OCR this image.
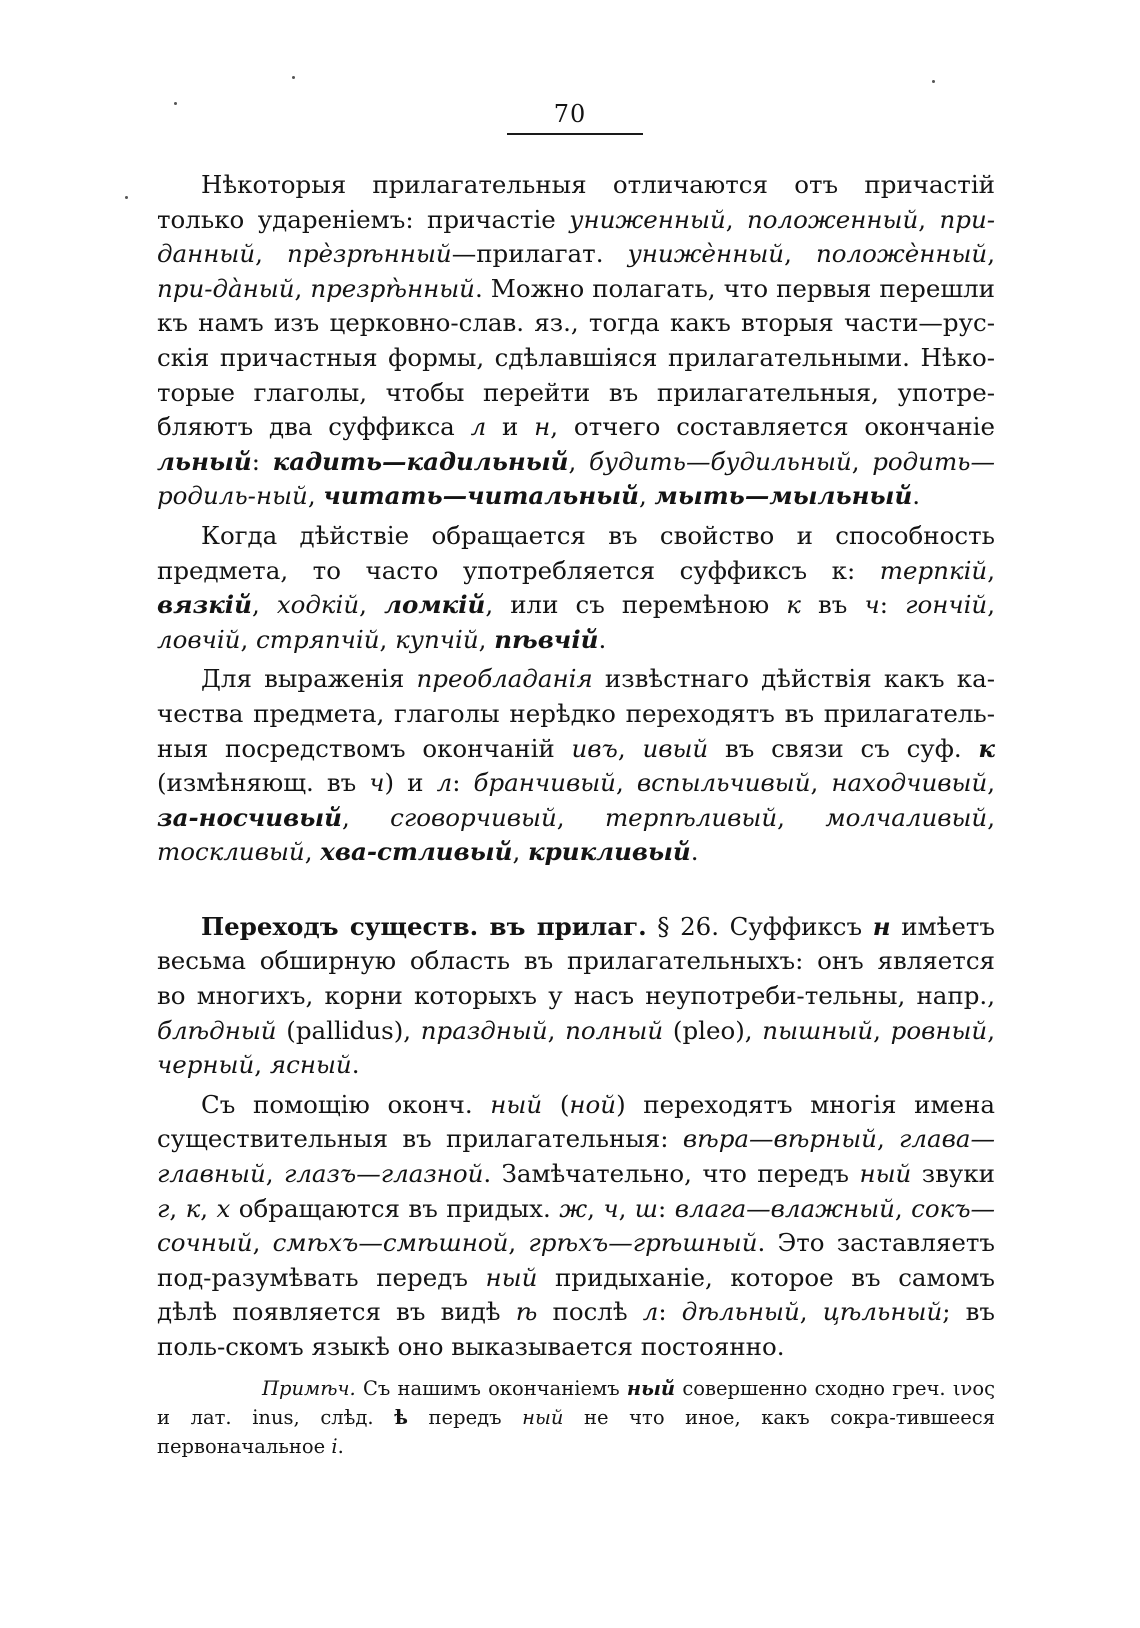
70

Нѣкоторыя прилагательныя отличаются отъ причастій только удареніемъ: причастіе униженный, положенный, при-данный, прѐзрѣнный—прилагат. унижѐнный, положѐнный, при-дàный, презрѣ̀нный. Можно полагать, что первыя перешли къ намъ изъ церковно-слав. яз., тогда какъ вторыя части—рус-скія причастныя формы, сдѣлавшіяся прилагательными. Нѣко-торые глаголы, чтобы перейти въ прилагательныя, употре-бляютъ два суффикса л и н, отчего составляется окончаніе льный: кадить—кадильный, будить—будильный, родить—родиль-ный, читать—читальный, мыть—мыльный.

Когда дѣйствіе обращается въ свойство и способность предмета, то часто употребляется суффиксъ к: терпкій, вязкій, ходкій, ломкій, или съ перемѣною к въ ч: гончій, ловчій, стряпчій, купчій, пѣвчій.

Для выраженія преобладанія извѣстнаго дѣйствія какъ ка-чества предмета, глаголы нерѣдко переходятъ въ прилагатель-ныя посредствомъ окончаній ивъ, ивый въ связи съ суф. к (измѣняющ. въ ч) и л: бранчивый, вспыльчивый, находчивый, за-носчивый, сговорчивый, терпѣливый, молчаливый, тоскливый, хва-стливый, крикливый.

Переходъ существ. въ прилаг. § 26. Суффиксъ н имѣетъ весьма обширную область въ прилагательныхъ: онъ является во многихъ, корни которыхъ у насъ неупотреби-тельны, напр., блѣдный (pallidus), праздный, полный (pleo), пышный, ровный, черный, ясный.

Съ помощію оконч. ный (ной) переходятъ многія имена существительныя въ прилагательныя: вѣра—вѣрный, глава—главный, глазъ—глазной. Замѣчательно, что передъ ный звуки г, к, х обращаются въ придых. ж, ч, ш: влага—влажный, сокъ—сочный, смѣхъ—смѣшной, грѣхъ—грѣшный. Это заставляетъ под-разумѣвать передъ ный придыханіе, которое въ самомъ дѣлѣ появляется въ видѣ ѣ послѣ л: дѣльный, цѣльный; въ поль-скомъ языкѣ оно выказывается постоянно.

Примѣч. Съ нашимъ окончаніемъ ный совершенно сходно греч. ινος и лат. inus, слѣд. ѣ передъ ный не что иное, какъ сокра-тившееся первоначальное і.
